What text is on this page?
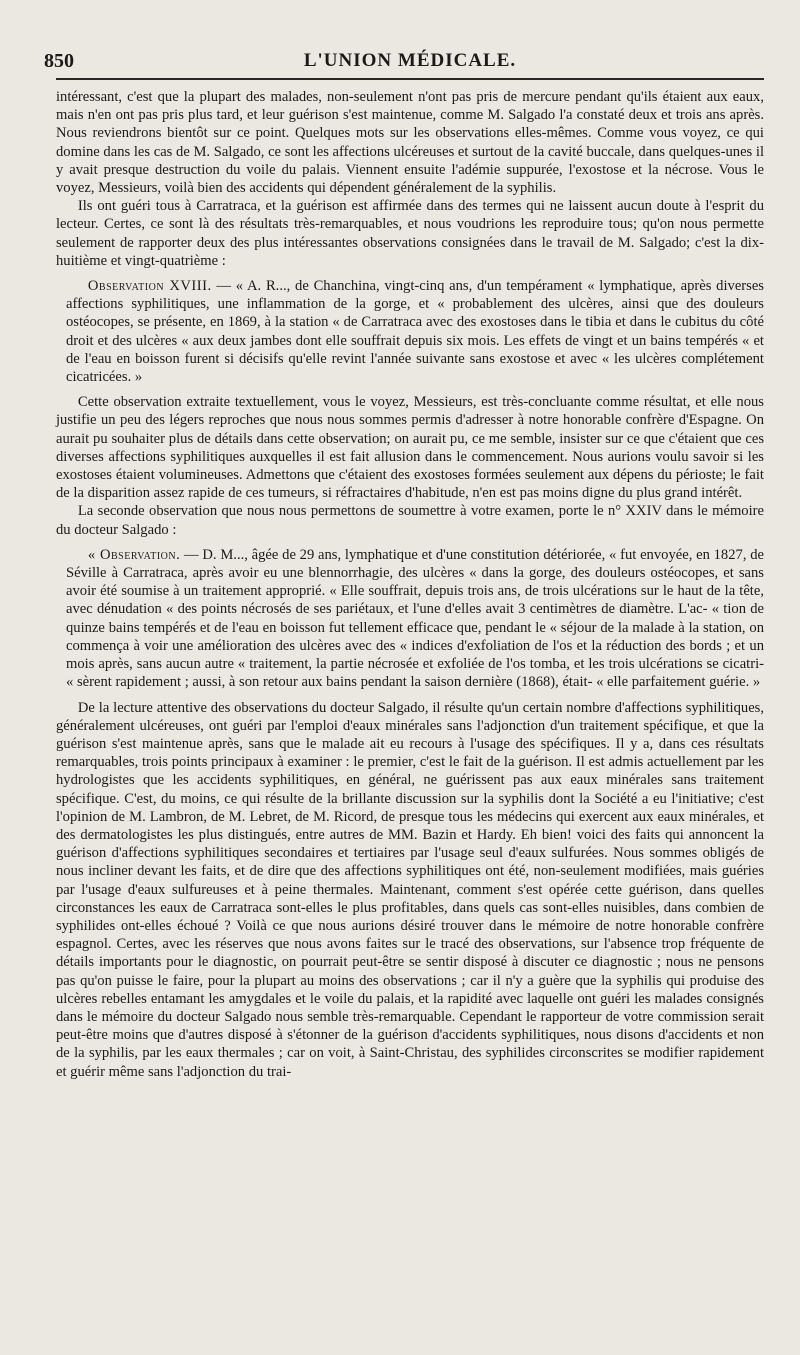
850	L'UNION MÉDICALE.

intéressant, c'est que la plupart des malades, non-seulement n'ont pas pris de mercure pendant qu'ils étaient aux eaux, mais n'en ont pas pris plus tard, et leur guérison s'est maintenue, comme M. Salgado l'a constaté deux et trois ans après. Nous reviendrons bientôt sur ce point. Quelques mots sur les observations elles-mêmes. Comme vous voyez, ce qui domine dans les cas de M. Salgado, ce sont les affections ulcéreuses et surtout de la cavité buccale, dans quelques-unes il y avait presque destruction du voile du palais. Viennent ensuite l'adémie suppurée, l'exostose et la nécrose. Vous le voyez, Messieurs, voilà bien des accidents qui dépendent généralement de la syphilis.

Ils ont guéri tous à Carratraca, et la guérison est affirmée dans des termes qui ne laissent aucun doute à l'esprit du lecteur. Certes, ce sont là des résultats très-remarquables, et nous voudrions les reproduire tous; qu'on nous permette seulement de rapporter deux des plus intéressantes observations consignées dans le travail de M. Salgado; c'est la dix-huitième et vingt-quatrième :

Observation XVIII. — « A. R..., de Chanchina, vingt-cinq ans, d'un tempérament « lymphatique, après diverses affections syphilitiques, une inflammation de la gorge, et « probablement des ulcères, ainsi que des douleurs ostéocopes, se présente, en 1869, à la station « de Carratraca avec des exostoses dans le tibia et dans le cubitus du côté droit et des ulcères « aux deux jambes dont elle souffrait depuis six mois. Les effets de vingt et un bains tempérés « et de l'eau en boisson furent si décisifs qu'elle revint l'année suivante sans exostose et avec « les ulcères complétement cicatricées. »

Cette observation extraite textuellement, vous le voyez, Messieurs, est très-concluante comme résultat, et elle nous justifie un peu des légers reproches que nous nous sommes permis d'adresser à notre honorable confrère d'Espagne. On aurait pu souhaiter plus de détails dans cette observation; on aurait pu, ce me semble, insister sur ce que c'étaient que ces diverses affections syphilitiques auxquelles il est fait allusion dans le commencement. Nous aurions voulu savoir si les exostoses étaient volumineuses. Admettons que c'étaient des exostoses formées seulement aux dépens du périoste; le fait de la disparition assez rapide de ces tumeurs, si réfractaires d'habitude, n'en est pas moins digne du plus grand intérêt.

La seconde observation que nous nous permettons de soumettre à votre examen, porte le n° XXIV dans le mémoire du docteur Salgado :

« Observation. — D. M..., âgée de 29 ans, lymphatique et d'une constitution détériorée, « fut envoyée, en 1827, de Séville à Carratraca, après avoir eu une blennorrhagie, des ulcères « dans la gorge, des douleurs ostéocopes, et sans avoir été soumise à un traitement approprié. « Elle souffrait, depuis trois ans, de trois ulcérations sur le haut de la tête, avec dénudation « des points nécrosés de ses pariétaux, et l'une d'elles avait 3 centimètres de diamètre. L'ac- « tion de quinze bains tempérés et de l'eau en boisson fut tellement efficace que, pendant le « séjour de la malade à la station, on commença à voir une amélioration des ulcères avec des « indices d'exfoliation de l'os et la réduction des bords ; et un mois après, sans aucun autre « traitement, la partie nécrosée et exfoliée de l'os tomba, et les trois ulcérations se cicatri- « sèrent rapidement ; aussi, à son retour aux bains pendant la saison dernière (1868), était- « elle parfaitement guérie. »

De la lecture attentive des observations du docteur Salgado, il résulte qu'un certain nombre d'affections syphilitiques, généralement ulcéreuses, ont guéri par l'emploi d'eaux minérales sans l'adjonction d'un traitement spécifique, et que la guérison s'est maintenue après, sans que le malade ait eu recours à l'usage des spécifiques. Il y a, dans ces résultats remarquables, trois points principaux à examiner : le premier, c'est le fait de la guérison. Il est admis actuellement par les hydrologistes que les accidents syphilitiques, en général, ne guérissent pas aux eaux minérales sans traitement spécifique. C'est, du moins, ce qui résulte de la brillante discussion sur la syphilis dont la Société a eu l'initiative; c'est l'opinion de M. Lambron, de M. Lebret, de M. Ricord, de presque tous les médecins qui exercent aux eaux minérales, et des dermatologistes les plus distingués, entre autres de MM. Bazin et Hardy. Eh bien! voici des faits qui annoncent la guérison d'affections syphilitiques secondaires et tertiaires par l'usage seul d'eaux sulfurées. Nous sommes obligés de nous incliner devant les faits, et de dire que des affections syphilitiques ont été, non-seulement modifiées, mais guéries par l'usage d'eaux sulfureuses et à peine thermales. Maintenant, comment s'est opérée cette guérison, dans quelles circonstances les eaux de Carratraca sont-elles le plus profitables, dans quels cas sont-elles nuisibles, dans combien de syphilides ont-elles échoué ? Voilà ce que nous aurions désiré trouver dans le mémoire de notre honorable confrère espagnol. Certes, avec les réserves que nous avons faites sur le tracé des observations, sur l'absence trop fréquente de détails importants pour le diagnostic, on pourrait peut-être se sentir disposé à discuter ce diagnostic ; nous ne pensons pas qu'on puisse le faire, pour la plupart au moins des observations ; car il n'y a guère que la syphilis qui produise des ulcères rebelles entamant les amygdales et le voile du palais, et la rapidité avec laquelle ont guéri les malades consignés dans le mémoire du docteur Salgado nous semble très-remarquable. Cependant le rapporteur de votre commission serait peut-être moins que d'autres disposé à s'étonner de la guérison d'accidents syphilitiques, nous disons d'accidents et non de la syphilis, par les eaux thermales ; car on voit, à Saint-Christau, des syphilides circonscrites se modifier rapidement et guérir même sans l'adjonction du trai-
